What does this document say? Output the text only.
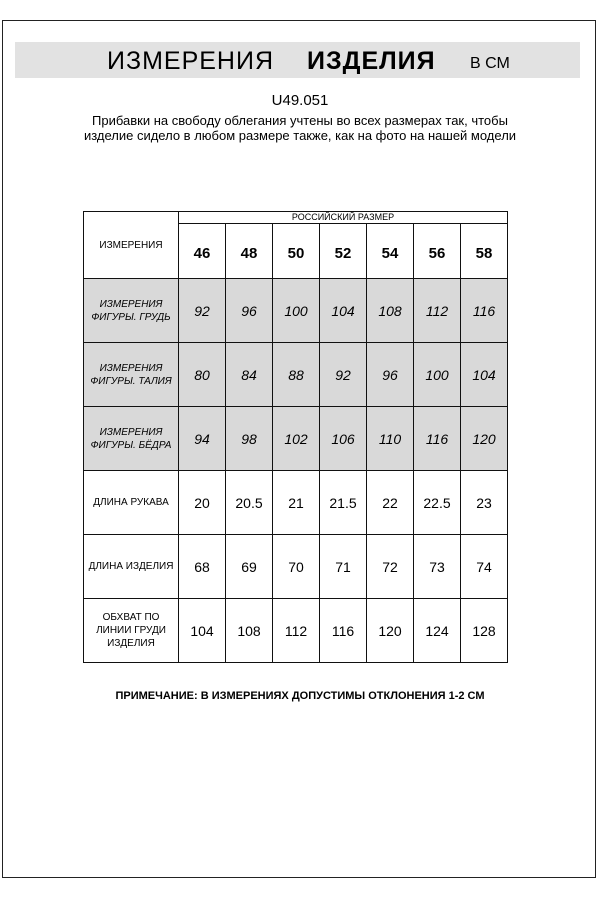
ИЗМЕРЕНИЯ ИЗДЕЛИЯ В СМ
U49.051
Прибавки на свободу облегания учтены во всех размерах так, чтобы изделие сидело в любом размере также, как на фото на нашей модели
ИЗМЕРЕНИЯ	РОССИЙСКИЙ РАЗМЕР						
	46	48	50	52	54	56	58
ИЗМЕРЕНИЯ ФИГУРЫ. ГРУДЬ	92	96	100	104	108	112	116
ИЗМЕРЕНИЯ ФИГУРЫ. ТАЛИЯ	80	84	88	92	96	100	104
ИЗМЕРЕНИЯ ФИГУРЫ. БЁДРА	94	98	102	106	110	116	120
ДЛИНА РУКАВА	20	20.5	21	21.5	22	22.5	23
ДЛИНА ИЗДЕЛИЯ	68	69	70	71	72	73	74
ОБХВАТ ПО ЛИНИИ ГРУДИ ИЗДЕЛИЯ	104	108	112	116	120	124	128
ПРИМЕЧАНИЕ: В ИЗМЕРЕНИЯХ ДОПУСТИМЫ ОТКЛОНЕНИЯ 1-2 СМ
